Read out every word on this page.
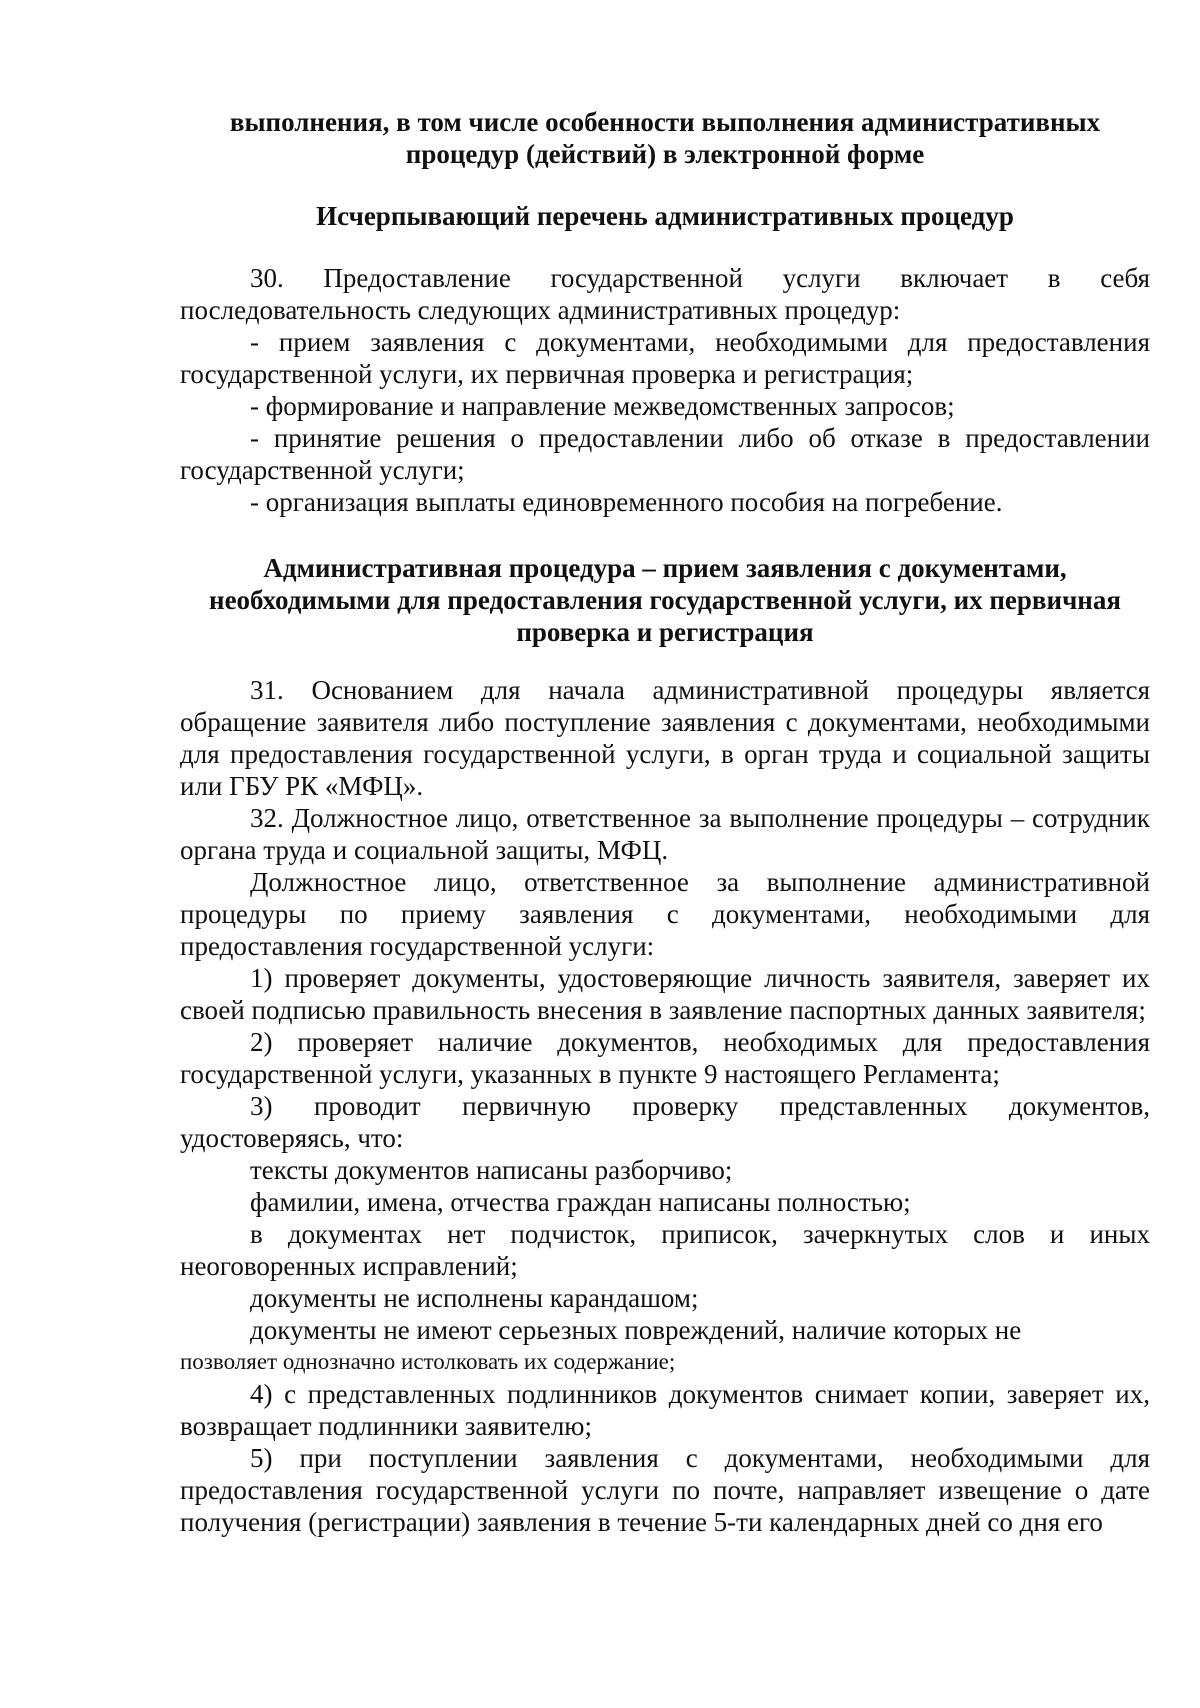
выполнения, в том числе особенности выполнения административных
процедур (действий) в электронной форме
Исчерпывающий перечень административных процедур

30. Предоставление государственной услуги включает в себя последовательность следующих административных процедур:

- прием заявления с документами, необходимыми для предоставления государственной услуги, их первичная проверка и регистрация;

- формирование и направление межведомственных запросов;

- принятие решения о предоставлении либо об отказе в предоставлении государственной услуги;

- организация выплаты единовременного пособия на погребение.

Административная процедура – прием заявления с документами,
необходимыми для предоставления государственной услуги, их первичная
проверка и регистрация

31. Основанием для начала административной процедуры является обращение заявителя либо поступление заявления с документами, необходимыми для предоставления государственной услуги, в орган труда и социальной защиты или ГБУ РК «МФЦ».

32. Должностное лицо, ответственное за выполнение процедуры – сотрудник органа труда и социальной защиты, МФЦ.

Должностное лицо, ответственное за выполнение административной процедуры по приему заявления с документами, необходимыми для предоставления государственной услуги:

1) проверяет документы, удостоверяющие личность заявителя, заверяет их своей подписью правильность внесения в заявление паспортных данных заявителя;

2) проверяет наличие документов, необходимых для предоставления государственной услуги, указанных в пункте 9 настоящего Регламента;

3) проводит первичную проверку представленных документов, удостоверяясь, что:

тексты документов написаны разборчиво;

фамилии, имена, отчества граждан написаны полностью;

в документах нет подчисток, приписок, зачеркнутых слов и иных неоговоренных исправлений;

документы не исполнены карандашом;

документы не имеют серьезных повреждений, наличие которых не

позволяет однозначно истолковать их содержание;

4) с представленных подлинников документов снимает копии, заверяет их, возвращает подлинники заявителю;

5) при поступлении заявления с документами, необходимыми для предоставления государственной услуги по почте, направляет извещение о дате получения (регистрации) заявления в течение 5-ти календарных дней со дня его
